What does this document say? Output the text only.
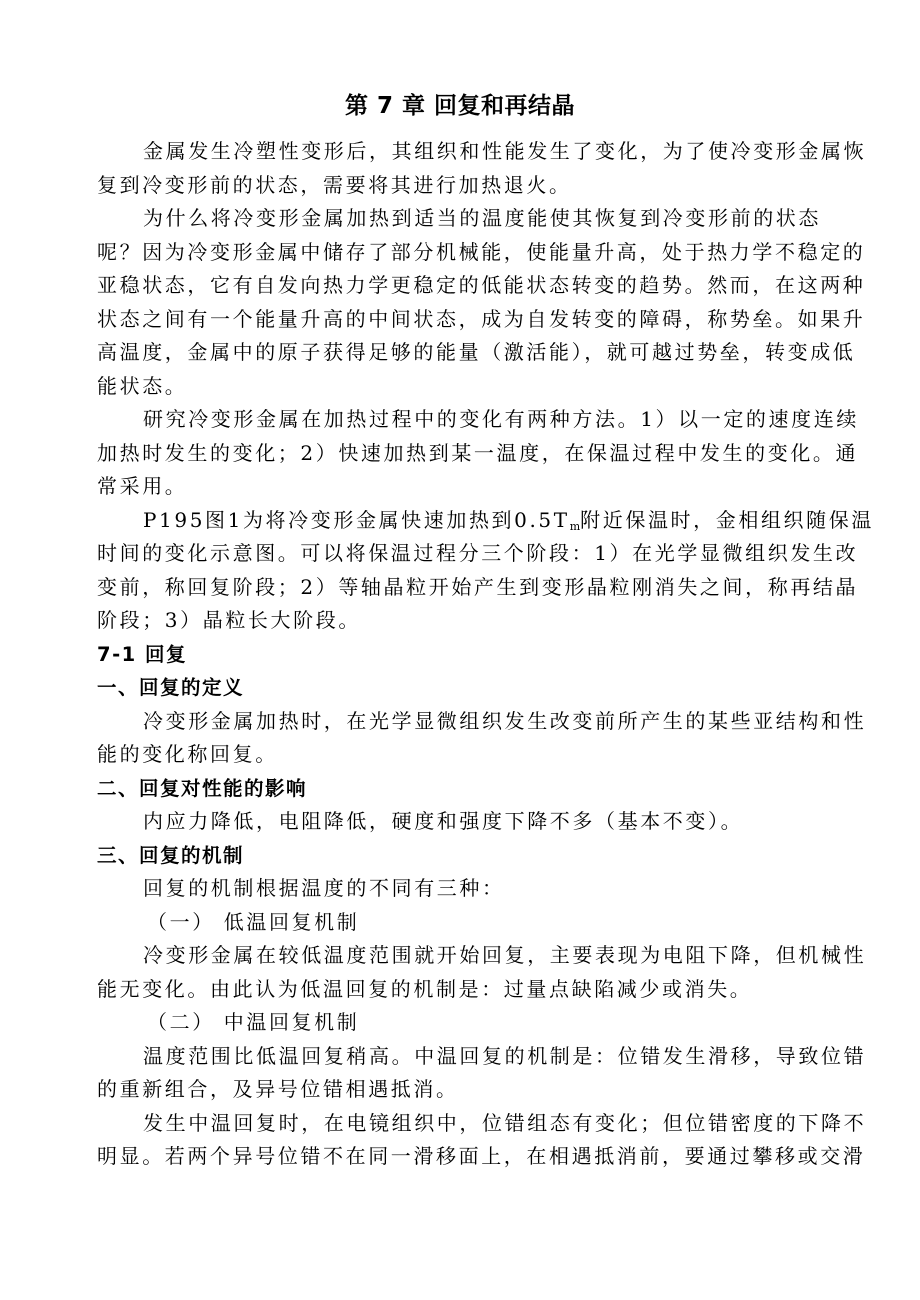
第 7 章 回复和再结晶
金属发生冷塑性变形后，其组织和性能发生了变化，为了使冷变形金属恢
复到冷变形前的状态，需要将其进行加热退火。
为什么将冷变形金属加热到适当的温度能使其恢复到冷变形前的状态
呢？因为冷变形金属中储存了部分机械能，使能量升高，处于热力学不稳定的
亚稳状态，它有自发向热力学更稳定的低能状态转变的趋势。然而，在这两种
状态之间有一个能量升高的中间状态，成为自发转变的障碍，称势垒。如果升
高温度，金属中的原子获得足够的能量（激活能），就可越过势垒，转变成低
能状态。
研究冷变形金属在加热过程中的变化有两种方法。1）以一定的速度连续
加热时发生的变化；2）快速加热到某一温度，在保温过程中发生的变化。通
常采用。
P195图1为将冷变形金属快速加热到$0.5T_m$附近保温时，金相组织随保温
时间的变化示意图。可以将保温过程分三个阶段：1）在光学显微组织发生改
变前，称回复阶段；2）等轴晶粒开始产生到变形晶粒刚消失之间，称再结晶
阶段；3）晶粒长大阶段。
7-1 回复
一、回复的定义
冷变形金属加热时，在光学显微组织发生改变前所产生的某些亚结构和性
能的变化称回复。
二、回复对性能的影响
内应力降低，电阻降低，硬度和强度下降不多（基本不变）。
三、回复的机制
回复的机制根据温度的不同有三种：
（一） 低温回复机制
冷变形金属在较低温度范围就开始回复，主要表现为电阻下降，但机械性
能无变化。由此认为低温回复的机制是：过量点缺陷减少或消失。
（二） 中温回复机制
温度范围比低温回复稍高。中温回复的机制是：位错发生滑移，导致位错
的重新组合，及异号位错相遇抵消。
发生中温回复时，在电镜组织中，位错组态有变化；但位错密度的下降不
明显。若两个异号位错不在同一滑移面上，在相遇抵消前，要通过攀移或交滑
